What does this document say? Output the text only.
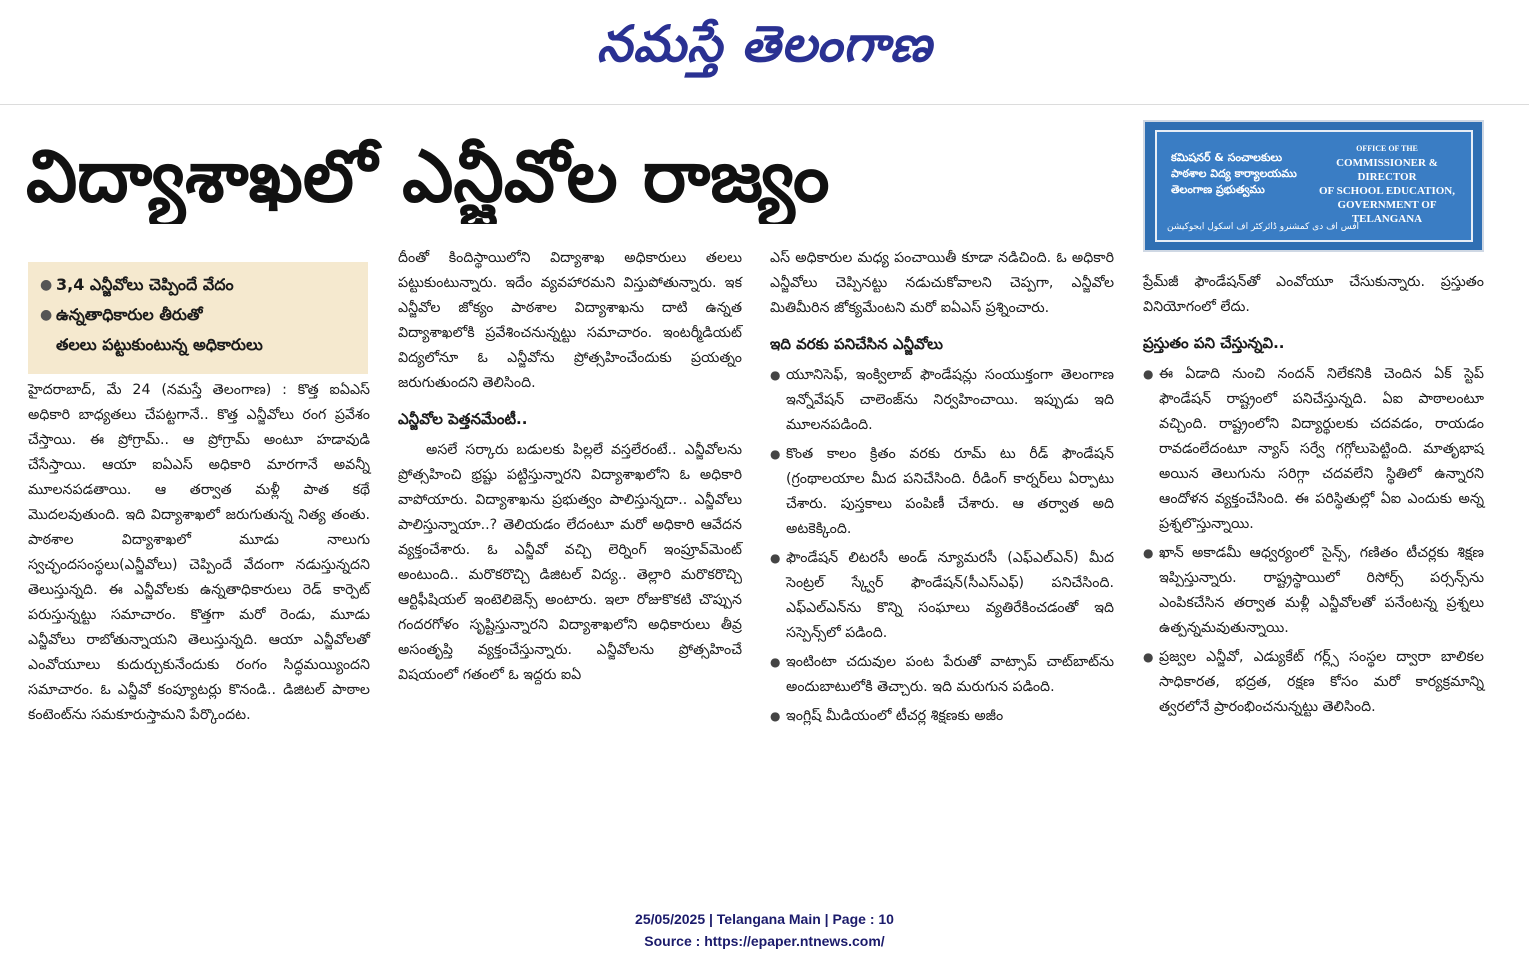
నమస్తే తెలంగాణ
విద్యాశాఖలో ఎన్జీవోల రాజ్యం	కమిషనర్ & సంచాలకులు
పాఠశాల విద్య కార్యాలయము
తెలంగాణ ప్రభుత్వము
OFFICE OF THE
COMMISSIONER & DIRECTOR
OF SCHOOL EDUCATION,
GOVERNMENT OF TELANGANA
آفس آف دی کمشنرو ڈائرکٹر آف اسکول ایجوکیشن
● 3,4 ఎన్జీవోలు చెప్పిందే వేదం
● ఉన్నతాధికారుల తీరుతో
తలలు పట్టుకుంటున్న అధికారులు

హైదరాబాద్, మే 24 (నమస్తే తెలంగాణ) : కొత్త ఐఏఎస్ అధికారి బాధ్యతలు చేపట్టగానే.. కొత్త ఎన్జీవోలు రంగ ప్రవేశం చేస్తాయి. ఈ ప్రోగ్రామ్.. ఆ ప్రోగ్రామ్ అంటూ హడావుడి చేసేస్తాయి. ఆయా ఐఏఎస్ అధికారి మారగానే అవన్నీ మూలనపడతాయి. ఆ తర్వాత మళ్లీ పాత కథే మొదలవుతుంది. ఇది విద్యాశాఖలో జరుగుతున్న నిత్య తంతు. పాఠశాల విద్యాశాఖలో మూడు నాలుగు స్వచ్ఛందసంస్థలు(ఎన్జీవోలు) చెప్పిందే వేదంగా నడుస్తున్నదని తెలుస్తున్నది. ఈ ఎన్జీవోలకు ఉన్నతాధికారులు రెడ్ కార్పెట్ పరుస్తున్నట్టు సమాచారం. కొత్తగా మరో రెండు, మూడు ఎన్జీవోలు రాబోతున్నాయని తెలుస్తున్నది. ఆయా ఎన్జీవోలతో ఎంవోయూలు కుదుర్చుకునేందుకు రంగం సిద్ధమయ్యిందని సమాచారం. ఓ ఎన్జీవో కంప్యూటర్లు కొనండి.. డిజిటల్ పాఠాల కంటెంట్‌ను సమకూరుస్తామని పేర్కొందట.

దీంతో కిందిస్థాయిలోని విద్యాశాఖ అధికారులు తలలు పట్టుకుంటున్నారు. ఇదేం వ్యవహారమని విస్తుపోతున్నారు. ఇక ఎన్జీవోల జోక్యం పాఠశాల విద్యాశాఖను దాటి ఉన్నత విద్యాశాఖలోకి ప్రవేశించనున్నట్టు సమాచారం. ఇంటర్మీడియట్ విద్యలోనూ ఓ ఎన్జీవోను ప్రోత్సహించేందుకు ప్రయత్నం జరుగుతుందని తెలిసింది.

ఎన్జీవోల పెత్తనమేంటీ..

అసలే సర్కారు బడులకు పిల్లలే వస్తలేరంటే.. ఎన్జీవోలను ప్రోత్సహించి భ్రష్టు పట్టిస్తున్నారని విద్యాశాఖలోని ఓ అధికారి వాపోయారు. విద్యాశాఖను ప్రభుత్వం పాలిస్తున్నదా.. ఎన్జీవోలు పాలిస్తున్నాయా..? తెలియడం లేదంటూ మరో అధికారి ఆవేదన వ్యక్తంచేశారు. ఓ ఎన్జీవో వచ్చి లెర్నింగ్ ఇంప్రూవ్‌మెంట్ అంటుంది.. మరొకరొచ్చి డిజిటల్ విద్య.. తెల్లారి మరొకరొచ్చి ఆర్టిఫీషియల్ ఇంటెలిజెన్స్ అంటారు. ఇలా రోజుకొకటి చొప్పున గందరగోళం సృష్టిస్తున్నారని విద్యాశాఖలోని అధికారులు తీవ్ర అసంతృప్తి వ్యక్తంచేస్తున్నారు. ఎన్జీవోలను ప్రోత్సహించే విషయంలో గతంలో ఓ ఇద్దరు ఐఏ

ఎస్ అధికారుల మధ్య పంచాయితీ కూడా నడిచింది. ఓ అధికారి ఎన్జీవోలు చెప్పినట్టు నడుచుకోవాలని చెప్పగా, ఎన్జీవోల మితిమీరిన జోక్యమేంటని మరో ఐఏఎస్ ప్రశ్నించారు.

ఇది వరకు పనిచేసిన ఎన్జీవోలు
● యూనిసెఫ్, ఇంక్విలాబ్ ఫౌండేషన్లు సంయుక్తంగా తెలంగాణ ఇన్నోవేషన్ చాలెంజ్‌ను నిర్వహించాయి. ఇప్పుడు ఇది మూలనపడింది.
● కొంత కాలం క్రితం వరకు రూమ్ టు రీడ్ ఫౌండేషన్ (గ్రంథాలయాల మీద పనిచేసింది. రీడింగ్ కార్నర్‌లు ఏర్పాటు చేశారు. పుస్తకాలు పంపిణీ చేశారు. ఆ తర్వాత అది అటకెక్కింది.
● ఫౌండేషన్ లిటరసీ అండ్ న్యూమరసీ (ఎఫ్ఎల్ఎన్) మీద సెంట్రల్ స్క్వేర్ ఫౌండేషన్(సీఎస్ఎఫ్) పనిచేసింది. ఎఫ్ఎల్ఎన్‌ను కొన్ని సంఘాలు వ్యతిరేకించడంతో ఇది సస్పెన్స్‌లో పడింది.
● ఇంటింటా చదువుల పంట పేరుతో వాట్సాప్ చాట్‌బాట్‌ను అందుబాటులోకి తెచ్చారు. ఇది మరుగున పడింది.
● ఇంగ్లిష్ మీడియంలో టీచర్ల శిక్షణకు అజీం

ప్రేమ్‌జీ ఫౌండేషన్‌తో ఎంవోయూ చేసుకున్నారు. ప్రస్తుతం వినియోగంలో లేదు.

ప్రస్తుతం పని చేస్తున్నవి..
● ఈ ఏడాది నుంచి నందన్ నిలేకనికి చెందిన ఏక్ స్టెప్ ఫౌండేషన్ రాష్ట్రంలో పనిచేస్తున్నది. ఏఐ పాఠాలంటూ వచ్చింది. రాష్ట్రంలోని విద్యార్థులకు చదవడం, రాయడం రావడంలేదంటూ న్యాస్ సర్వే గగ్గోలుపెట్టింది. మాతృభాష అయిన తెలుగును సరిగ్గా చదవలేని స్థితిలో ఉన్నారని ఆందోళన వ్యక్తంచేసింది. ఈ పరిస్థితుల్లో ఏఐ ఎందుకు అన్న ప్రశ్నలొస్తున్నాయి.
● ఖాన్ అకాడమీ ఆధ్వర్యంలో సైన్స్, గణితం టీచర్లకు శిక్షణ ఇప్పిస్తున్నారు. రాష్ట్రస్థాయిలో రిసోర్స్ పర్సన్స్‌ను ఎంపికచేసిన తర్వాత మళ్లీ ఎన్జీవోలతో పనేంటన్న ప్రశ్నలు ఉత్పన్నమవుతున్నాయి.
● ప్రజ్వల ఎన్జీవో, ఎడ్యుకేట్ గర్ల్స్ సంస్థల ద్వారా బాలికల సాధికారత, భద్రత, రక్షణ కోసం మరో కార్యక్రమాన్ని త్వరలోనే ప్రారంభించనున్నట్టు తెలిసింది.
25/05/2025 | Telangana Main | Page : 10
Source : https://epaper.ntnews.com/
